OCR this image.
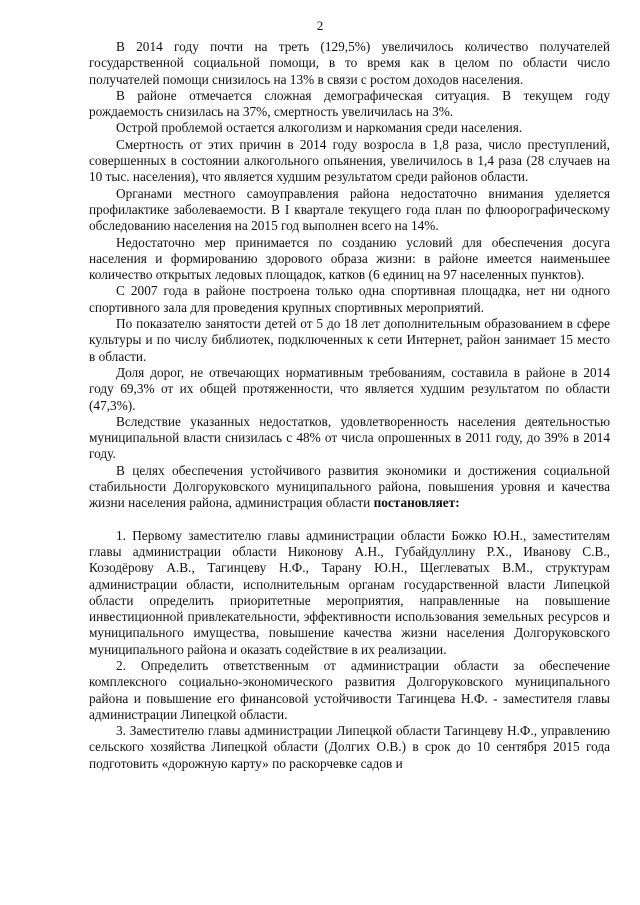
2

В 2014 году почти на треть (129,5%) увеличилось количество получателей государственной социальной помощи, в то время как в целом по области число получателей помощи снизилось на 13% в связи с ростом доходов населения.

В районе отмечается сложная демографическая ситуация. В текущем году рождаемость снизилась на 37%, смертность увеличилась на 3%.

Острой проблемой остается алкоголизм и наркомания среди населения.

Смертность от этих причин в 2014 году возросла в 1,8 раза, число преступлений, совершенных в состоянии алкогольного опьянения, увеличилось в 1,4 раза (28 случаев на 10 тыс. населения), что является худшим результатом среди районов области.

Органами местного самоуправления района недостаточно внимания уделяется профилактике заболеваемости. В I квартале текущего года план по флюорографическому обследованию населения на 2015 год выполнен всего на 14%.

Недостаточно мер принимается по созданию условий для обеспечения досуга населения и формированию здорового образа жизни: в районе имеется наименьшее количество открытых ледовых площадок, катков (6 единиц на 97 населенных пунктов).

С 2007 года в районе построена только одна спортивная площадка, нет ни одного спортивного зала для проведения крупных спортивных мероприятий.

По показателю занятости детей от 5 до 18 лет дополнительным образованием в сфере культуры и по числу библиотек, подключенных к сети Интернет, район занимает 15 место в области.

Доля дорог, не отвечающих нормативным требованиям, составила в районе в 2014 году 69,3% от их общей протяженности, что является худшим результатом по области (47,3%).

Вследствие указанных недостатков, удовлетворенность населения деятельностью муниципальной власти снизилась с 48% от числа опрошенных в 2011 году, до 39% в 2014 году.

В целях обеспечения устойчивого развития экономики и достижения социальной стабильности Долгоруковского муниципального района, повышения уровня и качества жизни населения района, администрация области постановляет:

1. Первому заместителю главы администрации области Божко Ю.Н., заместителям главы администрации области Никонову А.Н., Губайдуллину Р.Х., Иванову С.В., Козодёрову А.В., Тагинцеву Н.Ф., Тарану Ю.Н., Щеглеватых В.М., структурам администрации области, исполнительным органам государственной власти Липецкой области определить приоритетные мероприятия, направленные на повышение инвестиционной привлекательности, эффективности использования земельных ресурсов и муниципального имущества, повышение качества жизни населения Долгоруковского муниципального района и оказать содействие в их реализации.

2. Определить ответственным от администрации области за обеспечение комплексного социально-экономического развития Долгоруковского муниципального района и повышение его финансовой устойчивости Тагинцева Н.Ф. - заместителя главы администрации Липецкой области.

3. Заместителю главы администрации Липецкой области Тагинцеву Н.Ф., управлению сельского хозяйства Липецкой области (Долгих О.В.) в срок до 10 сентября 2015 года подготовить «дорожную карту» по раскорчевке садов и
